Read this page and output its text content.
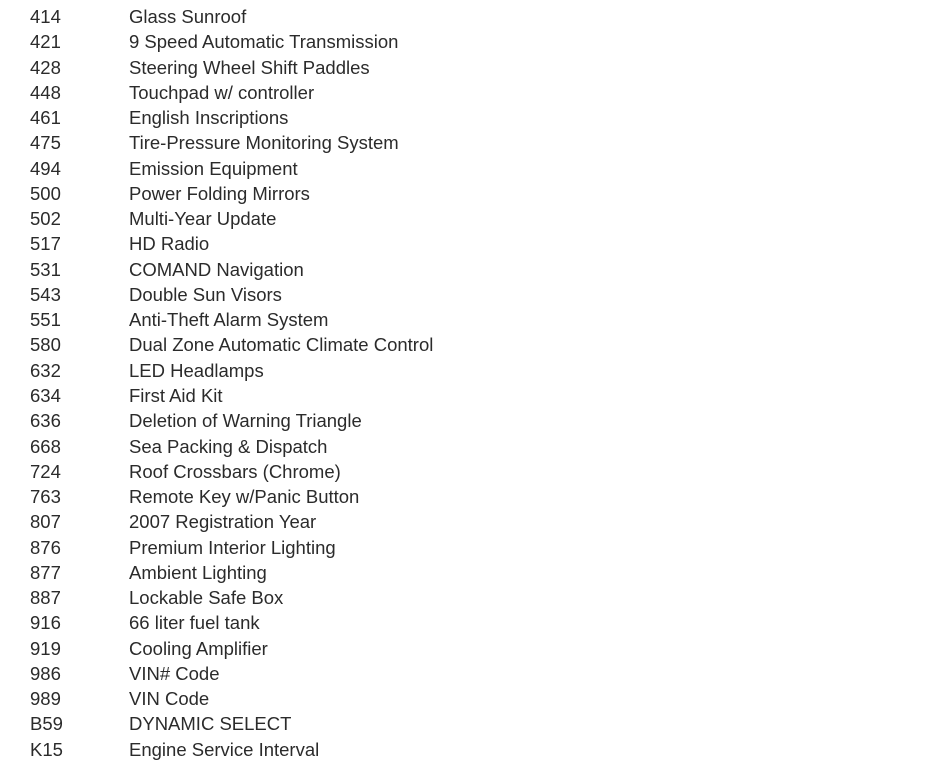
414	Glass Sunroof
421	9 Speed Automatic Transmission
428	Steering Wheel Shift Paddles
448	Touchpad w/ controller
461	English Inscriptions
475	Tire-Pressure Monitoring System
494	Emission Equipment
500	Power Folding Mirrors
502	Multi-Year Update
517	HD Radio
531	COMAND Navigation
543	Double Sun Visors
551	Anti-Theft Alarm System
580	Dual Zone Automatic Climate Control
632	LED Headlamps
634	First Aid Kit
636	Deletion of Warning Triangle
668	Sea Packing & Dispatch
724	Roof Crossbars (Chrome)
763	Remote Key w/Panic Button
807	2007 Registration Year
876	Premium Interior Lighting
877	Ambient Lighting
887	Lockable Safe Box
916	66 liter fuel tank
919	Cooling Amplifier
986	VIN# Code
989	VIN Code
B59	DYNAMIC SELECT
K15	Engine Service Interval
